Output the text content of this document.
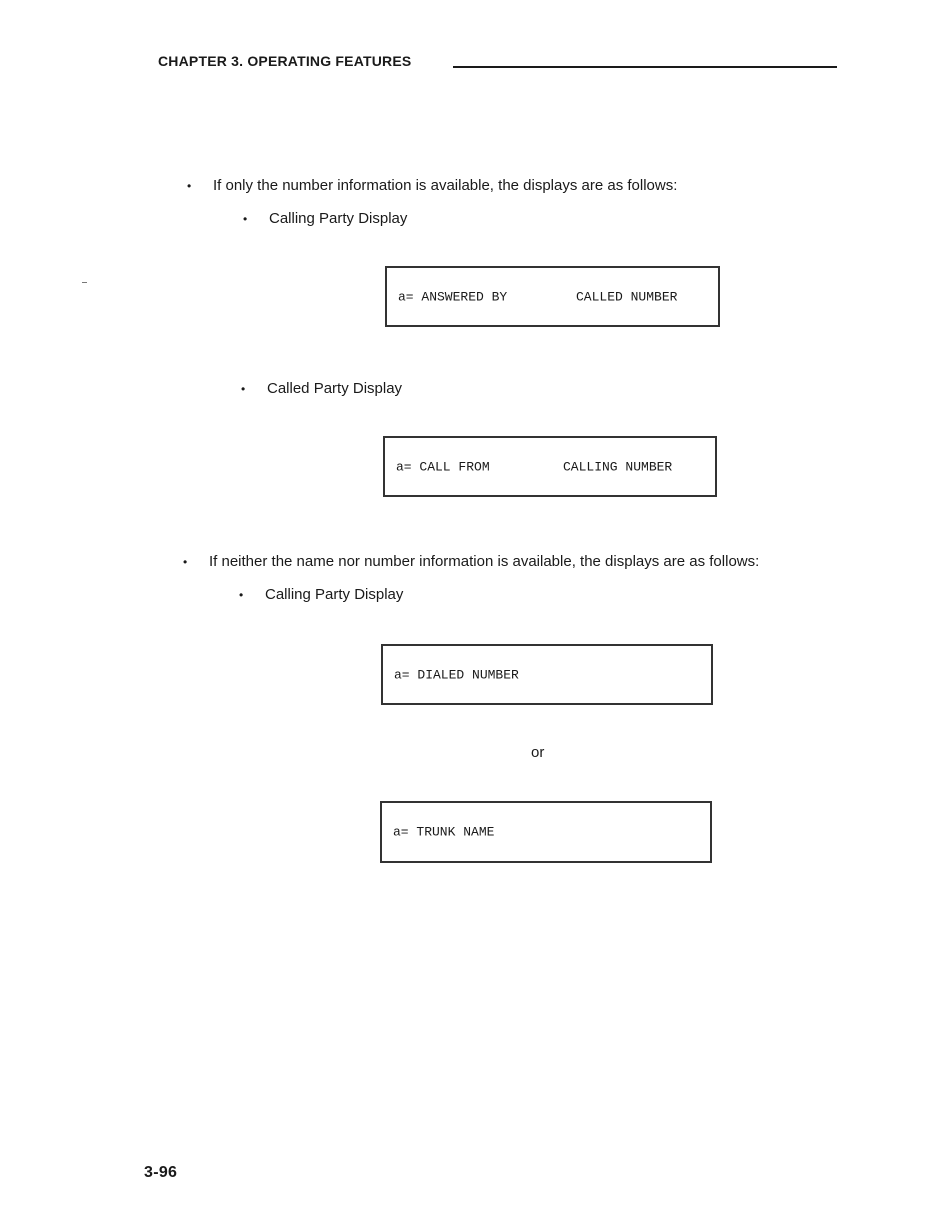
CHAPTER 3. OPERATING FEATURES
• If only the number information is available, the displays are as follows:
• Calling Party Display
a= ANSWERED BY	CALLED NUMBER
• Called Party Display
a= CALL FROM	CALLING NUMBER
• If neither the name nor number information is available, the displays are as follows:
• Calling Party Display
a= DIALED NUMBER
or
a= TRUNK NAME
3-96
